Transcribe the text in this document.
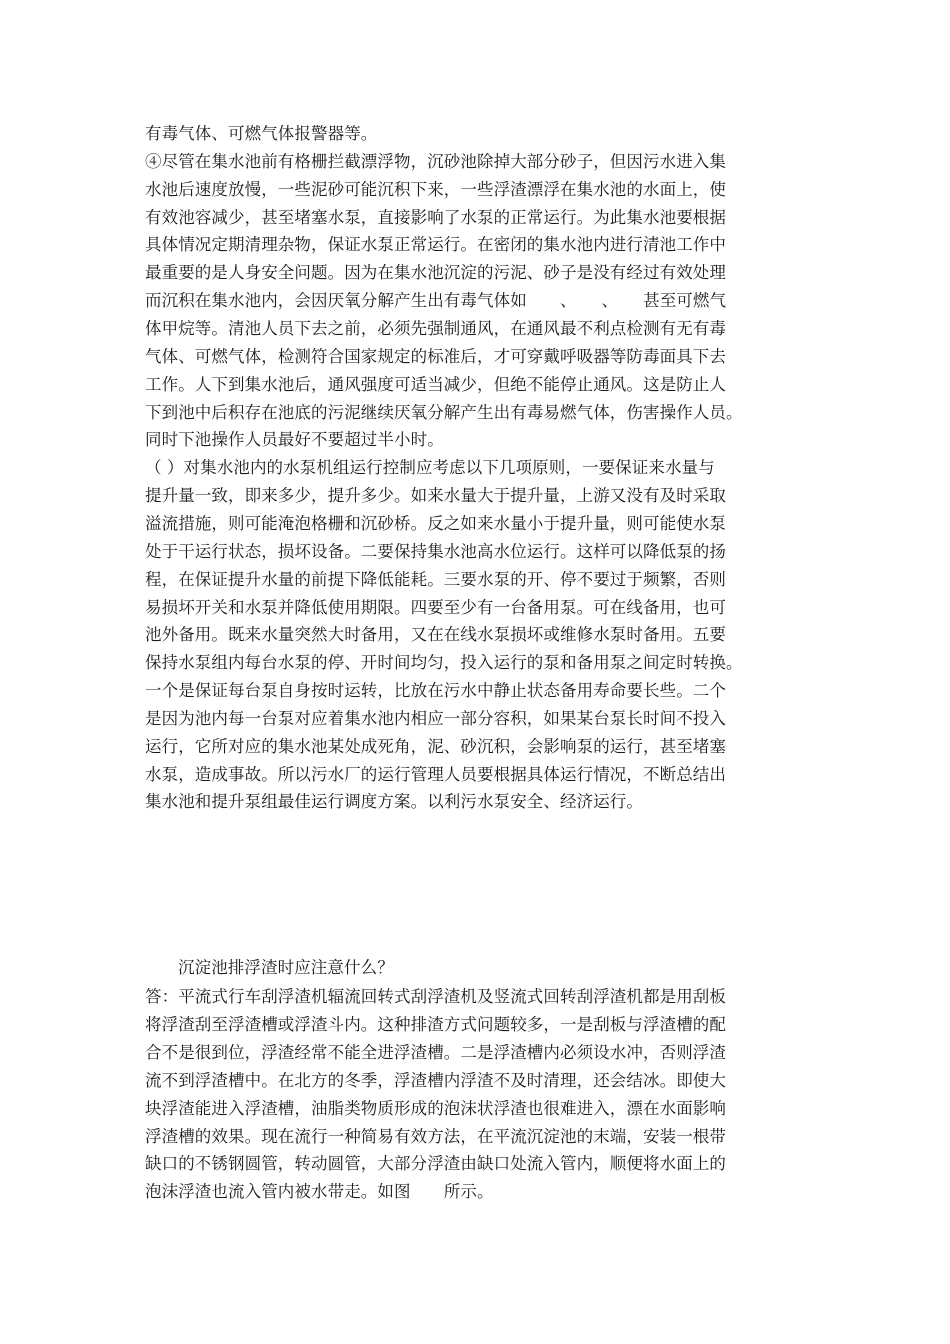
有毒气体、可燃气体报警器等。
④尽管在集水池前有格栅拦截漂浮物，沉砂池除掉大部分砂子，但因污水进入集
水池后速度放慢，一些泥砂可能沉积下来，一些浮渣漂浮在集水池的水面上，使
有效池容减少，甚至堵塞水泵，直接影响了水泵的正常运行。为此集水池要根据
具体情况定期清理杂物，保证水泵正常运行。在密闭的集水池内进行清池工作中
最重要的是人身安全问题。因为在集水池沉淀的污泥、砂子是没有经过有效处理
而沉积在集水池内，会因厌氧分解产生出有毒气体如　　、　　、　　甚至可燃气
体甲烷等。清池人员下去之前，必须先强制通风，在通风最不利点检测有无有毒
气体、可燃气体，检测符合国家规定的标准后，才可穿戴呼吸器等防毒面具下去
工作。人下到集水池后，通风强度可适当减少，但绝不能停止通风。这是防止人
下到池中后积存在池底的污泥继续厌氧分解产生出有毒易燃气体，伤害操作人员。
同时下池操作人员最好不要超过半小时。
（ ）对集水池内的水泵机组运行控制应考虑以下几项原则，一要保证来水量与
提升量一致，即来多少，提升多少。如来水量大于提升量，上游又没有及时采取
溢流措施，则可能淹泡格栅和沉砂桥。反之如来水量小于提升量，则可能使水泵
处于干运行状态，损坏设备。二要保持集水池高水位运行。这样可以降低泵的扬
程，在保证提升水量的前提下降低能耗。三要水泵的开、停不要过于频繁，否则
易损坏开关和水泵并降低使用期限。四要至少有一台备用泵。可在线备用，也可
池外备用。既来水量突然大时备用，又在在线水泵损坏或维修水泵时备用。五要
保持水泵组内每台水泵的停、开时间均匀，投入运行的泵和备用泵之间定时转换。
一个是保证每台泵自身按时运转，比放在污水中静止状态备用寿命要长些。二个
是因为池内每一台泵对应着集水池内相应一部分容积，如果某台泵长时间不投入
运行，它所对应的集水池某处成死角，泥、砂沉积，会影响泵的运行，甚至堵塞
水泵，造成事故。所以污水厂的运行管理人员要根据具体运行情况，不断总结出
集水池和提升泵组最佳运行调度方案。以利污水泵安全、经济运行。
沉淀池排浮渣时应注意什么？
答：平流式行车刮浮渣机辐流回转式刮浮渣机及竖流式回转刮浮渣机都是用刮板
将浮渣刮至浮渣槽或浮渣斗内。这种排渣方式问题较多，一是刮板与浮渣槽的配
合不是很到位，浮渣经常不能全进浮渣槽。二是浮渣槽内必须设水冲，否则浮渣
流不到浮渣槽中。在北方的冬季，浮渣槽内浮渣不及时清理，还会结冰。即使大
块浮渣能进入浮渣槽，油脂类物质形成的泡沫状浮渣也很难进入，漂在水面影响
浮渣槽的效果。现在流行一种简易有效方法，在平流沉淀池的末端，安装一根带
缺口的不锈钢圆管，转动圆管，大部分浮渣由缺口处流入管内，顺便将水面上的
泡沫浮渣也流入管内被水带走。如图　　所示。
